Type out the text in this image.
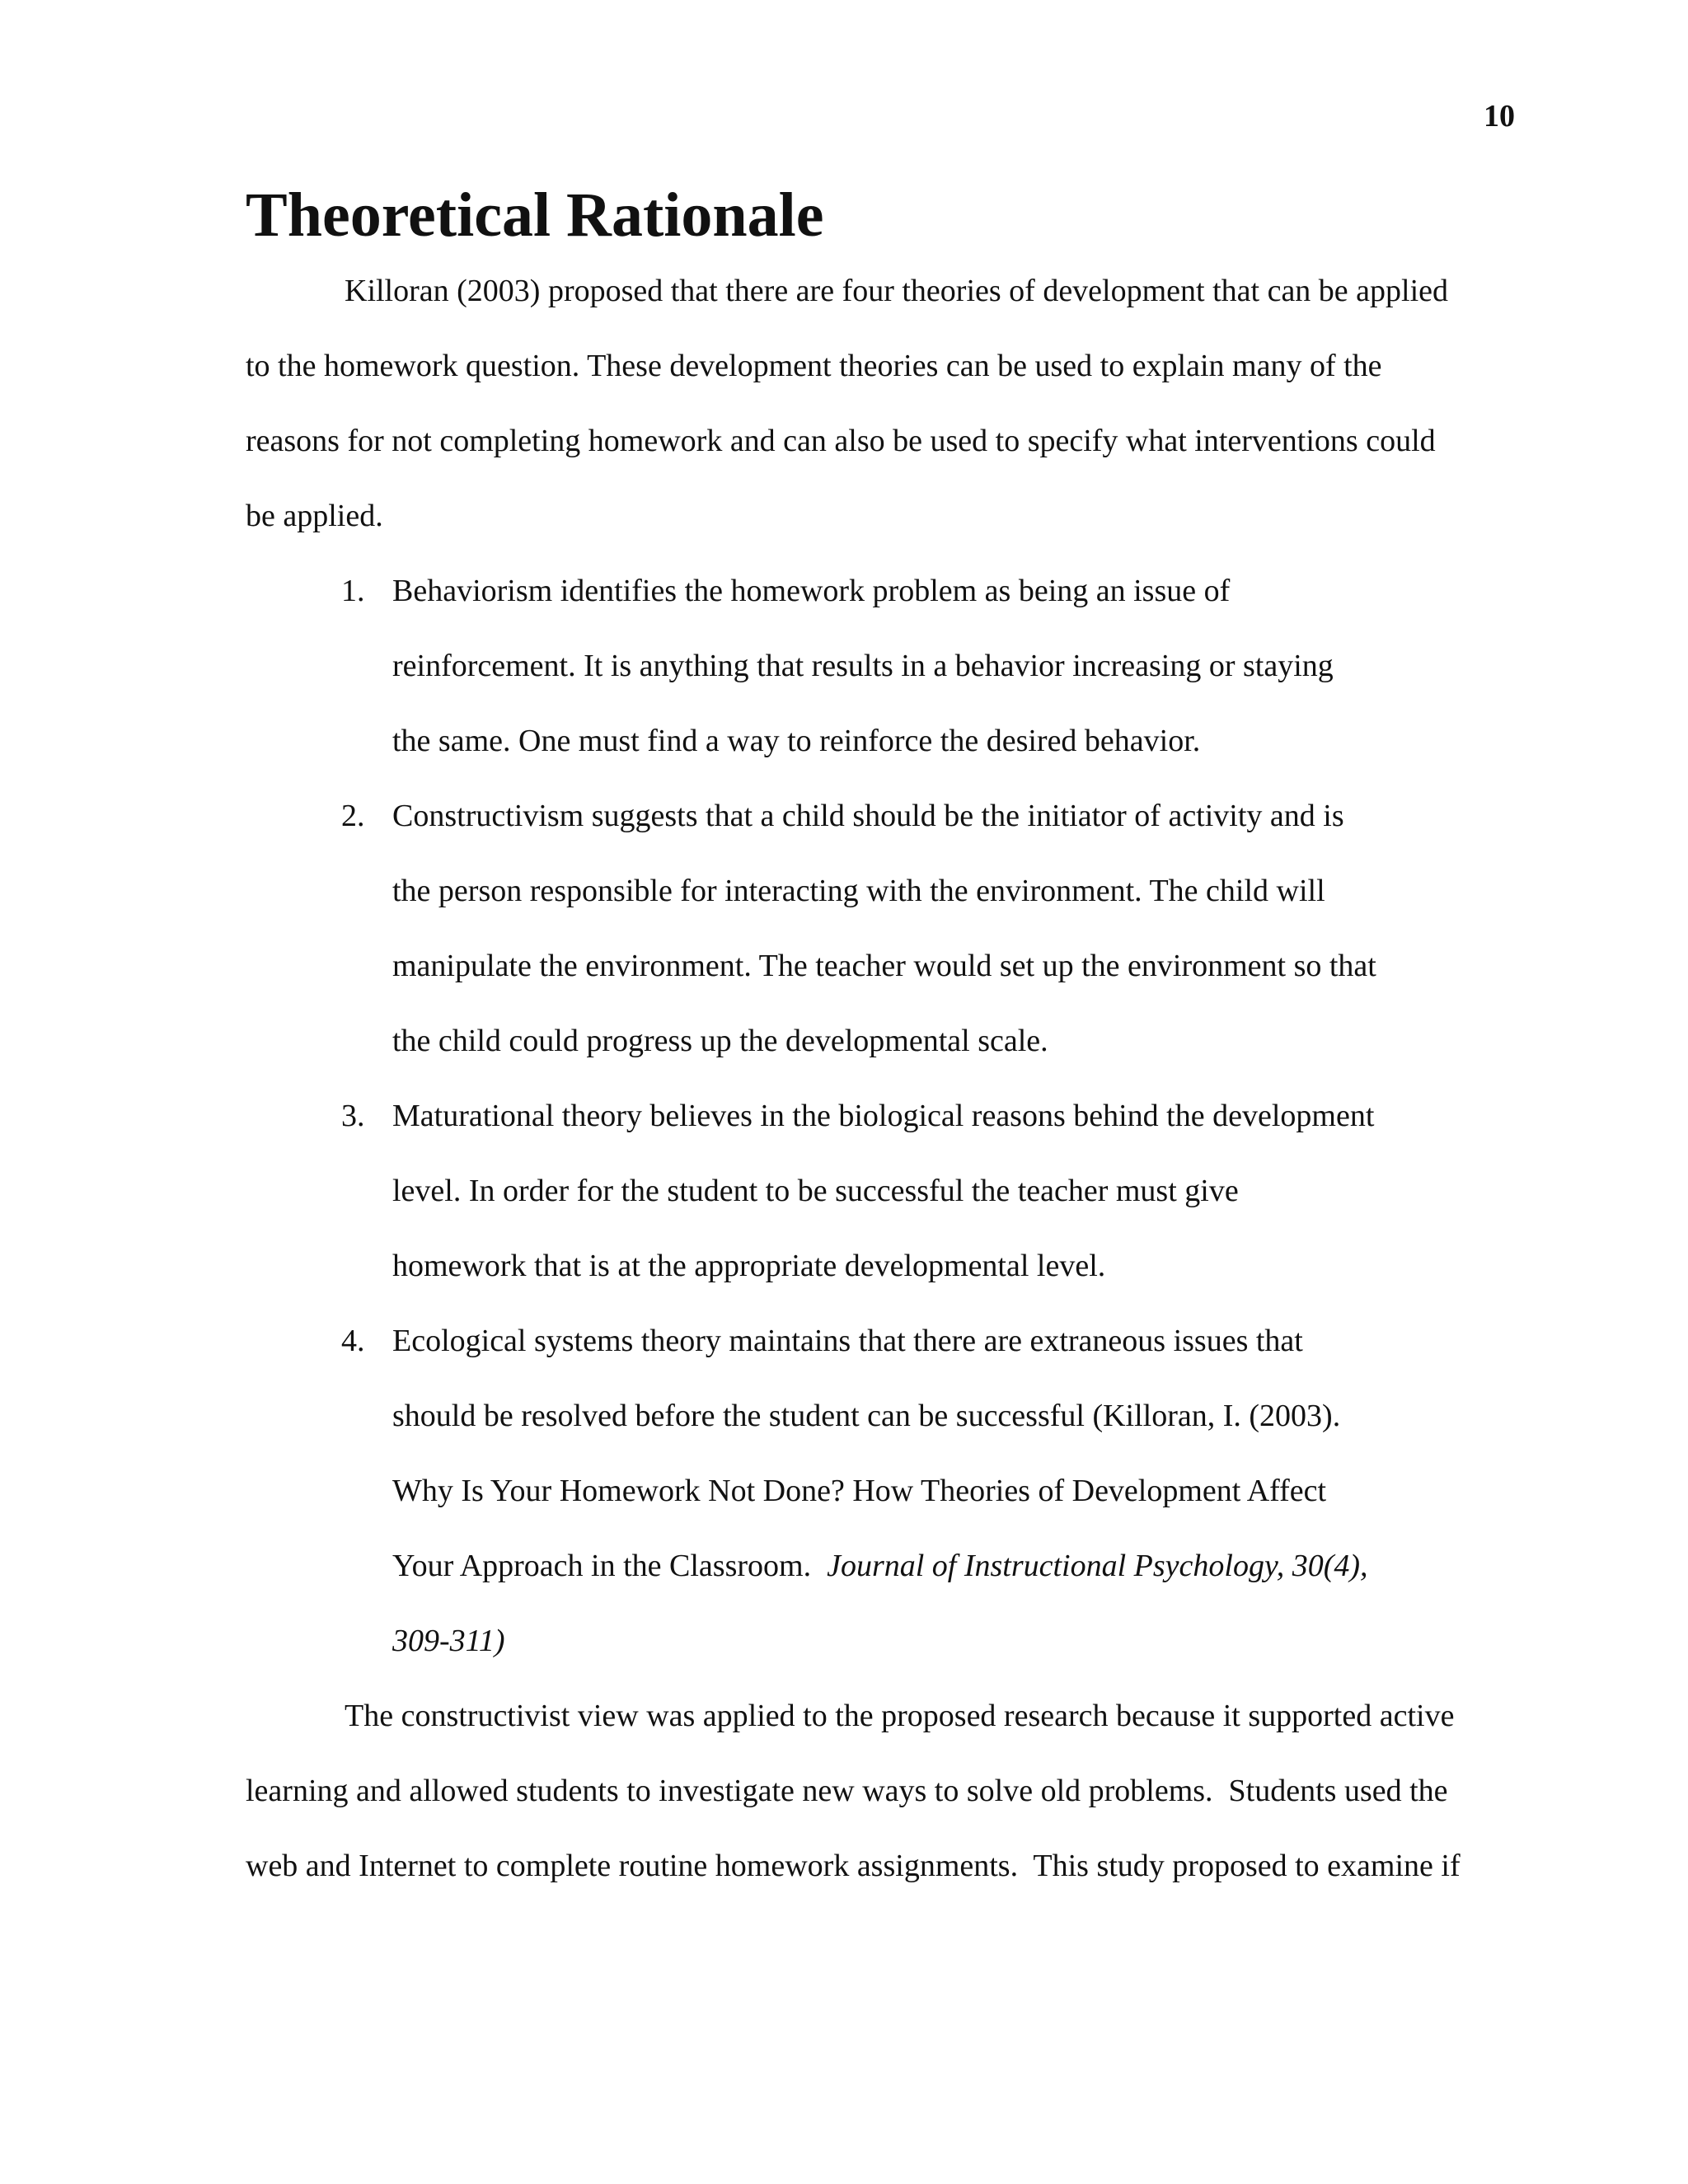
10
Theoretical Rationale

Killoran (2003) proposed that there are four theories of development that can be applied
to the homework question. These development theories can be used to explain many of the
reasons for not completing homework and can also be used to specify what interventions could
be applied.

1. Behaviorism identifies the homework problem as being an issue of
reinforcement. It is anything that results in a behavior increasing or staying
the same. One must find a way to reinforce the desired behavior.
2. Constructivism suggests that a child should be the initiator of activity and is
the person responsible for interacting with the environment. The child will
manipulate the environment. The teacher would set up the environment so that
the child could progress up the developmental scale.
3. Maturational theory believes in the biological reasons behind the development
level. In order for the student to be successful the teacher must give
homework that is at the appropriate developmental level.
4. Ecological systems theory maintains that there are extraneous issues that
should be resolved before the student can be successful (Killoran, I. (2003).
Why Is Your Homework Not Done? How Theories of Development Affect
Your Approach in the Classroom.  Journal of Instructional Psychology, 30(4),
309-311)

The constructivist view was applied to the proposed research because it supported active
learning and allowed students to investigate new ways to solve old problems.  Students used the
web and Internet to complete routine homework assignments.  This study proposed to examine if
